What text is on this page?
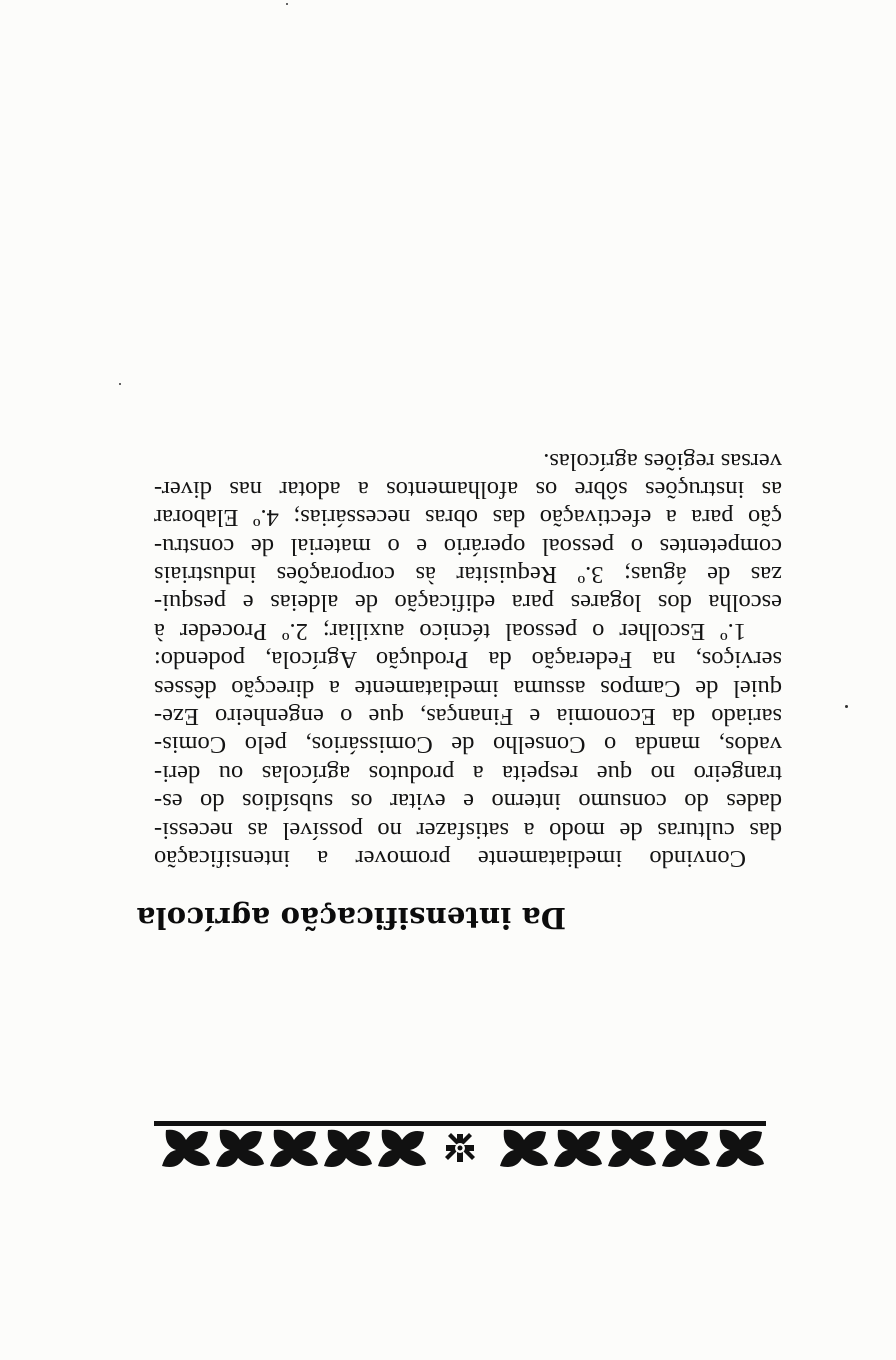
Da intensificação agrícola
Convindo imediatamente promover a intensificação
das culturas de modo a satisfazer no possível as necessi-
dades do consumo interno e evitar os subsídios do es-
trangeiro no que respeita a produtos agrícolas ou deri-
vados, manda o Conselho de Comissários, pelo Comis-
sariado da Economia e Finanças, que o engenheiro Eze-
quiel de Campos assuma imediatamente a direcção dêsses
serviços, na Federação da Produção Agrícola, podendo:
1.º Escolher o pessoal técnico auxiliar; 2.º Proceder à
escolha dos logares para edificação de aldeias e pesqui-
zas de águas; 3.º Requisitar às corporações industriais
competentes o pessoal operário e o material de constru-
ção para a efectivação das obras necessárias; 4.º Elaborar
as instruções sôbre os afolhamentos a adotar nas diver-
versas regiões agrícolas.
